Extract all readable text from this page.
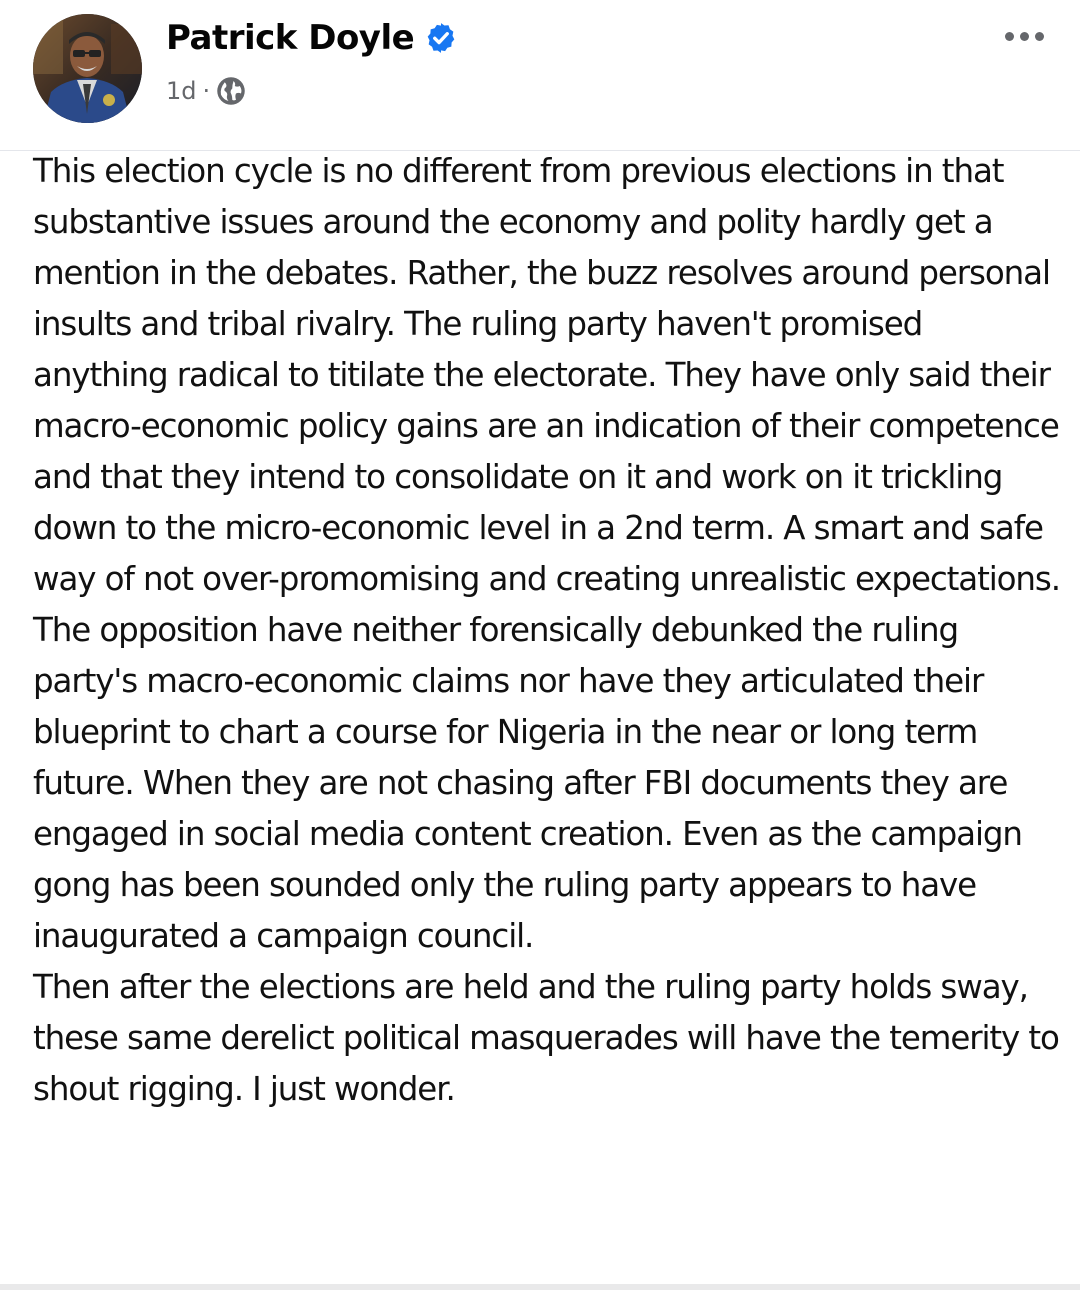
Patrick Doyle
1d ·
This election cycle is no different from previous elections in that substantive issues around the economy and polity hardly get a mention in the debates. Rather, the buzz resolves around personal insults and tribal rivalry. The ruling party haven't promised anything radical to titilate the electorate. They have only said their macro-economic policy gains are an indication of their competence and that they intend to consolidate on it and work on it trickling down to the micro-economic level in a 2nd term. A smart and safe way of not over-promomising and creating unrealistic expectations.
The opposition have neither forensically debunked the ruling party's macro-economic claims nor have they articulated their blueprint to chart a course for Nigeria in the near or long term future. When they are not chasing after FBI documents they are engaged in social media content creation. Even as the campaign gong has been sounded only the ruling party appears to have inaugurated a campaign council.
Then after the elections are held and the ruling party holds sway, these same derelict political masquerades will have the temerity to shout rigging. I just wonder.
